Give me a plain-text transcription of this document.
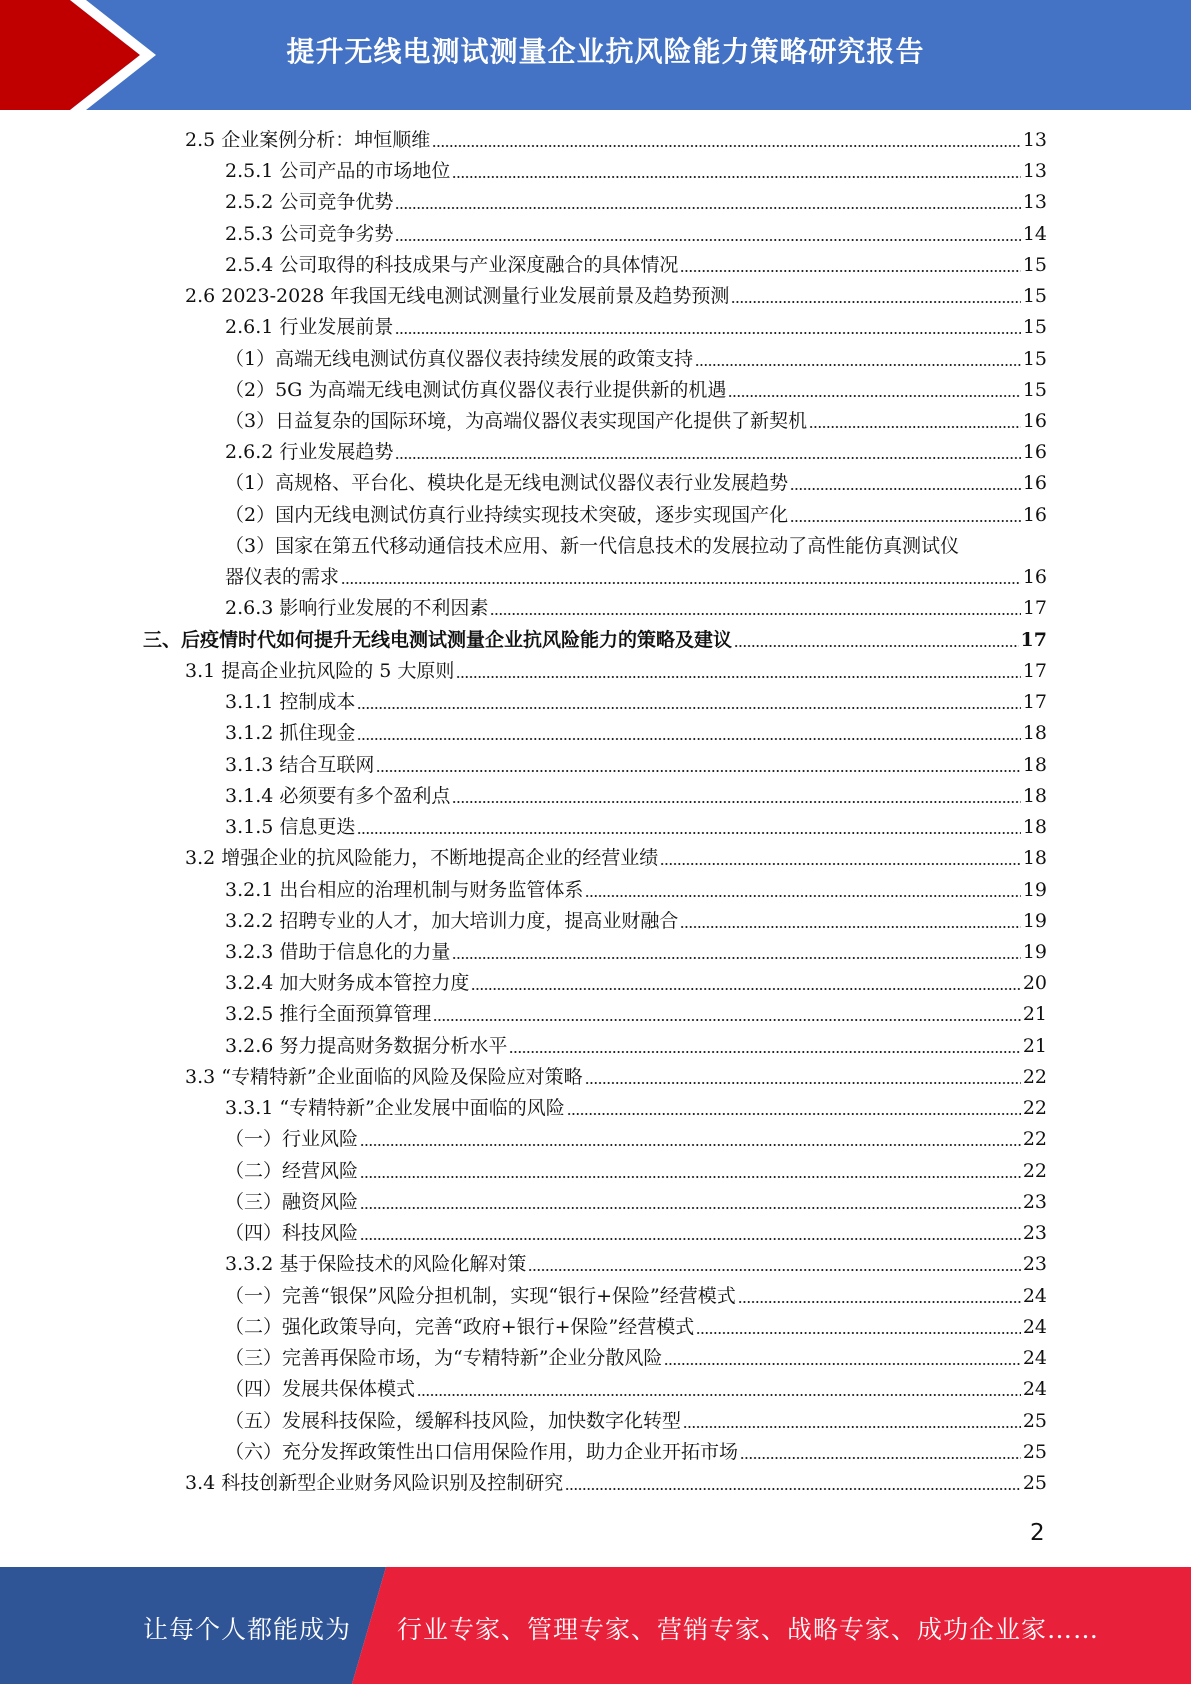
提升无线电测试测量企业抗风险能力策略研究报告
2.5 企业案例分析：坤恒顺维	13
2.5.1 公司产品的市场地位	13
2.5.2 公司竞争优势	13
2.5.3 公司竞争劣势	14
2.5.4 公司取得的科技成果与产业深度融合的具体情况	15
2.6 2023-2028 年我国无线电测试测量行业发展前景及趋势预测	15
2.6.1 行业发展前景	15
（1）高端无线电测试仿真仪器仪表持续发展的政策支持	15
（2）5G 为高端无线电测试仿真仪器仪表行业提供新的机遇	15
（3）日益复杂的国际环境，为高端仪器仪表实现国产化提供了新契机	16
2.6.2 行业发展趋势	16
（1）高规格、平台化、模块化是无线电测试仪器仪表行业发展趋势	16
（2）国内无线电测试仿真行业持续实现技术突破，逐步实现国产化	16
（3）国家在第五代移动通信技术应用、新一代信息技术的发展拉动了高性能仿真测试仪
器仪表的需求	16
2.6.3 影响行业发展的不利因素	17
三、后疫情时代如何提升无线电测试测量企业抗风险能力的策略及建议	17
3.1 提高企业抗风险的 5 大原则	17
3.1.1 控制成本	17
3.1.2 抓住现金	18
3.1.3 结合互联网	18
3.1.4 必须要有多个盈利点	18
3.1.5 信息更迭	18
3.2 增强企业的抗风险能力，不断地提高企业的经营业绩	18
3.2.1 出台相应的治理机制与财务监管体系	19
3.2.2 招聘专业的人才，加大培训力度，提高业财融合	19
3.2.3 借助于信息化的力量	19
3.2.4 加大财务成本管控力度	20
3.2.5 推行全面预算管理	21
3.2.6 努力提高财务数据分析水平	21
3.3 “专精特新”企业面临的风险及保险应对策略	22
3.3.1 “专精特新”企业发展中面临的风险	22
（一）行业风险	22
（二）经营风险	22
（三）融资风险	23
（四）科技风险	23
3.3.2 基于保险技术的风险化解对策	23
（一）完善“银保”风险分担机制，实现“银行+保险”经营模式	24
（二）强化政策导向，完善“政府+银行+保险”经营模式	24
（三）完善再保险市场，为“专精特新”企业分散风险	24
（四）发展共保体模式	24
（五）发展科技保险，缓解科技风险，加快数字化转型	25
（六）充分发挥政策性出口信用保险作用，助力企业开拓市场	25
3.4 科技创新型企业财务风险识别及控制研究	25
2
让每个人都能成为 行业专家、管理专家、营销专家、战略专家、成功企业家……
